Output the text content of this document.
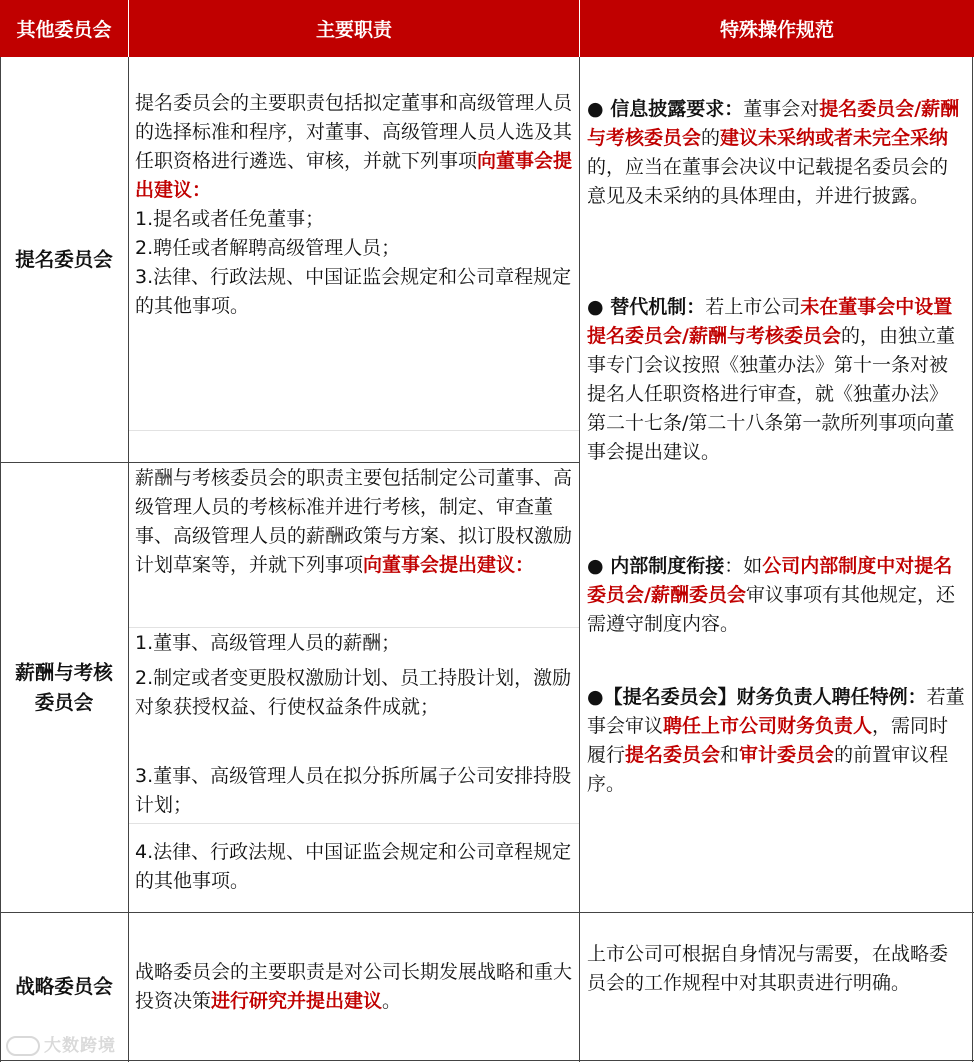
其他委员会	主要职责	特殊操作规范
提名委员会
薪酬与考核
委员会
战略委员会

提名委员会的主要职责包括拟定董事和高级管理人员的选择标准和程序，对董事、高级管理人员人选及其任职资格进行遴选、审核，并就下列事项向董事会提出建议：

1.提名或者任免董事；

2.聘任或者解聘高级管理人员；

3.法律、行政法规、中国证监会规定和公司章程规定的其他事项。

薪酬与考核委员会的职责主要包括制定公司董事、高级管理人员的考核标准并进行考核，制定、审查董事、高级管理人员的薪酬政策与方案、拟订股权激励计划草案等，并就下列事项向董事会提出建议：

1.董事、高级管理人员的薪酬；
2.制定或者变更股权激励计划、员工持股计划，激励对象获授权益、行使权益条件成就；
3.董事、高级管理人员在拟分拆所属子公司安排持股计划；
4.法律、行政法规、中国证监会规定和公司章程规定的其他事项。

战略委员会的主要职责是对公司长期发展战略和重大投资决策进行研究并提出建议。

● 信息披露要求：董事会对提名委员会/薪酬与考核委员会的建议未采纳或者未完全采纳的，应当在董事会决议中记载提名委员会的意见及未采纳的具体理由，并进行披露。

● 替代机制：若上市公司未在董事会中设置提名委员会/薪酬与考核委员会的，由独立董事专门会议按照《独董办法》第十一条对被提名人任职资格进行审查，就《独董办法》第二十七条/第二十八条第一款所列事项向董事会提出建议。

● 内部制度衔接：如公司内部制度中对提名委员会/薪酬委员会审议事项有其他规定，还需遵守制度内容。

●【提名委员会】财务负责人聘任特例：若董事会审议聘任上市公司财务负责人，需同时履行提名委员会和审计委员会的前置审议程序。

上市公司可根据自身情况与需要，在战略委员会的工作规程中对其职责进行明确。
大数跨境
